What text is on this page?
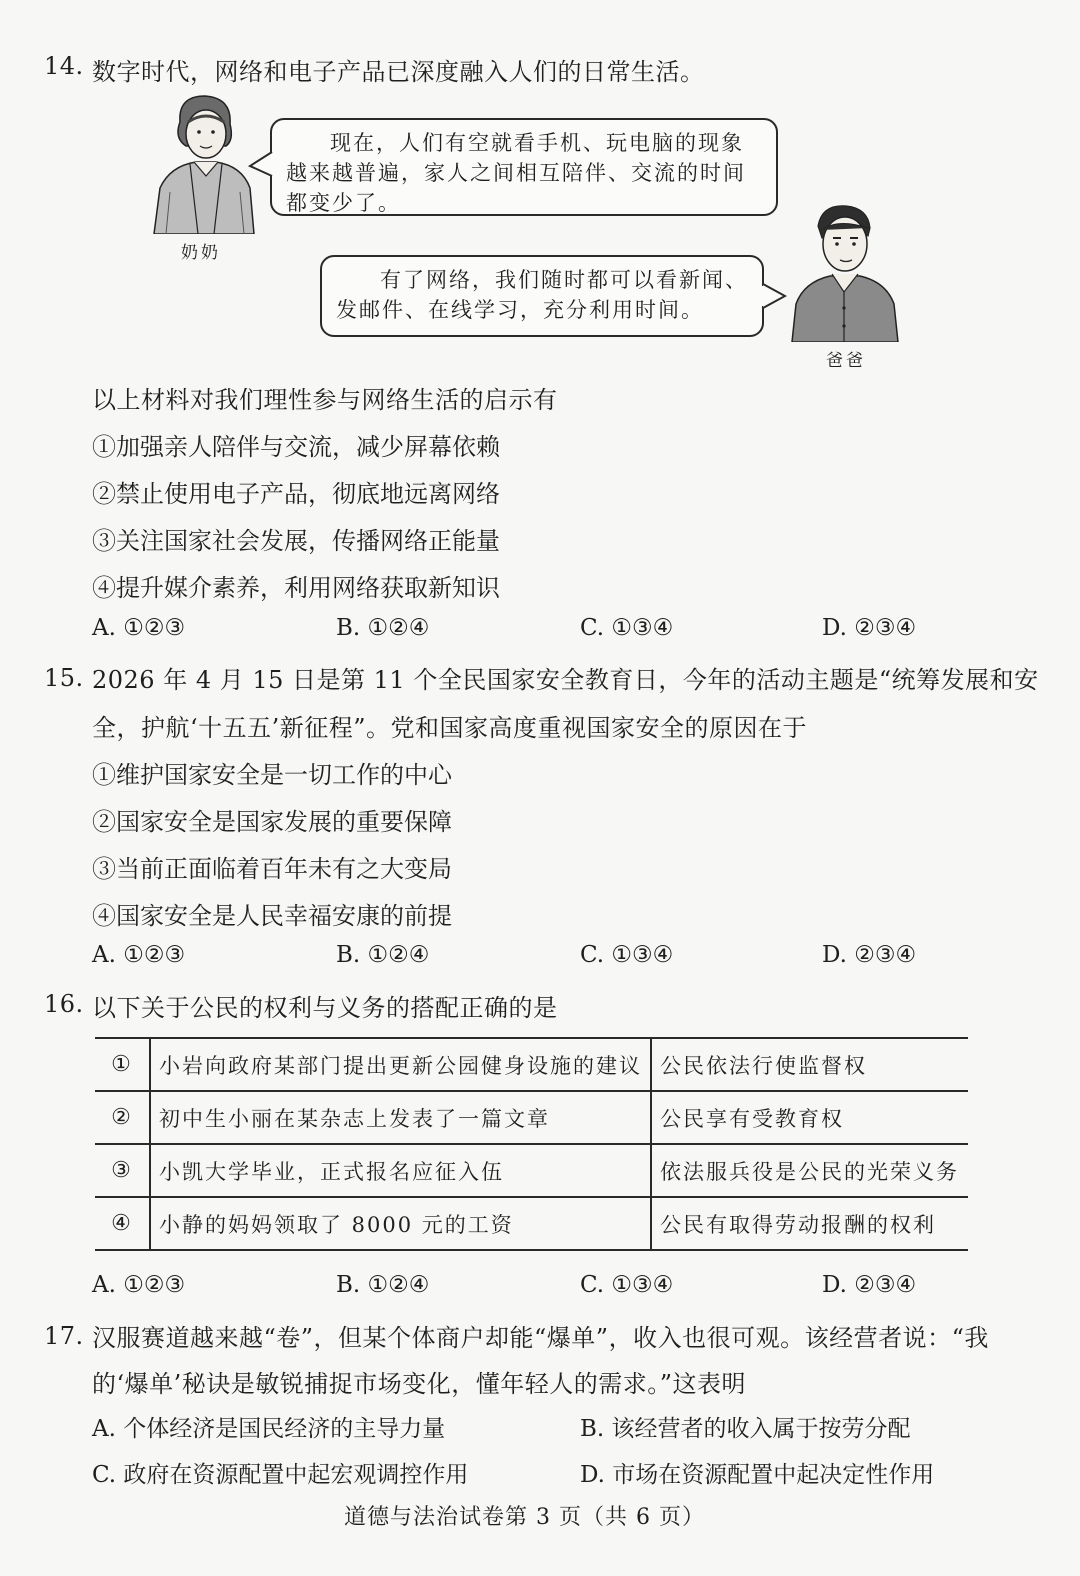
14. 数字时代，网络和电子产品已深度融入人们的日常生活。
奶奶
现在，人们有空就看手机、玩电脑的现象
越来越普遍，家人之间相互陪伴、交流的时间
都变少了。
有了网络，我们随时都可以看新闻、
发邮件、在线学习，充分利用时间。
爸爸
以上材料对我们理性参与网络生活的启示有
①加强亲人陪伴与交流，减少屏幕依赖
②禁止使用电子产品，彻底地远离网络
③关注国家社会发展，传播网络正能量
④提升媒介素养，利用网络获取新知识
A. ①②③	B. ①②④	C. ①③④	D. ②③④
15. 2026 年 4 月 15 日是第 11 个全民国家安全教育日，今年的活动主题是“统筹发展和安
全，护航‘十五五’新征程”。党和国家高度重视国家安全的原因在于
①维护国家安全是一切工作的中心
②国家安全是国家发展的重要保障
③当前正面临着百年未有之大变局
④国家安全是人民幸福安康的前提
A. ①②③	B. ①②④	C. ①③④	D. ②③④
16. 以下关于公民的权利与义务的搭配正确的是
①	小岩向政府某部门提出更新公园健身设施的建议	公民依法行使监督权
②	初中生小丽在某杂志上发表了一篇文章	公民享有受教育权
③	小凯大学毕业，正式报名应征入伍	依法服兵役是公民的光荣义务
④	小静的妈妈领取了 8000 元的工资	公民有取得劳动报酬的权利
A. ①②③	B. ①②④	C. ①③④	D. ②③④
17. 汉服赛道越来越“卷”，但某个体商户却能“爆单”，收入也很可观。该经营者说：“我
的‘爆单’秘诀是敏锐捕捉市场变化，懂年轻人的需求。”这表明
A. 个体经济是国民经济的主导力量	B. 该经营者的收入属于按劳分配
C. 政府在资源配置中起宏观调控作用	D. 市场在资源配置中起决定性作用
道德与法治试卷第 3 页（共 6 页）
